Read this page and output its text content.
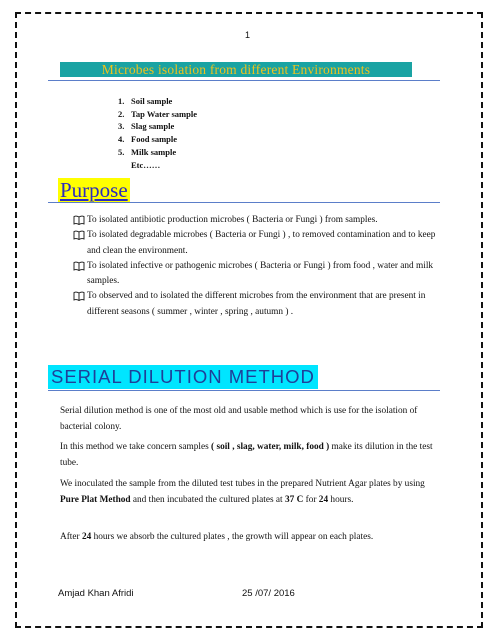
1
Microbes isolation from different Environments
1. Soil sample
2. Tap Water sample
3. Slag sample
4. Food sample
5. Milk sample
Etc……
Purpose
To isolated antibiotic production microbes ( Bacteria or Fungi ) from samples.
To isolated degradable microbes ( Bacteria or Fungi ) , to removed contamination and to keep and clean the environment.
To isolated infective or pathogenic microbes ( Bacteria or Fungi ) from food , water and milk samples.
To observed and to isolated the different microbes from the environment that are present in different seasons ( summer , winter , spring , autumn ) .
SERIAL DILUTION METHOD

Serial dilution method is one of the most old and usable method which is use for the isolation of bacterial colony.

In this method we take concern samples ( soil , slag, water, milk, food ) make its dilution in the test tube.

We inoculated the sample from the diluted test tubes in the prepared Nutrient Agar plates by using Pure Plat Method and then incubated the cultured plates at 37 C for 24 hours.

After 24 hours we absorb the cultured plates , the growth will appear on each plates.

Amjad Khan Afridi	25 /07/ 2016
